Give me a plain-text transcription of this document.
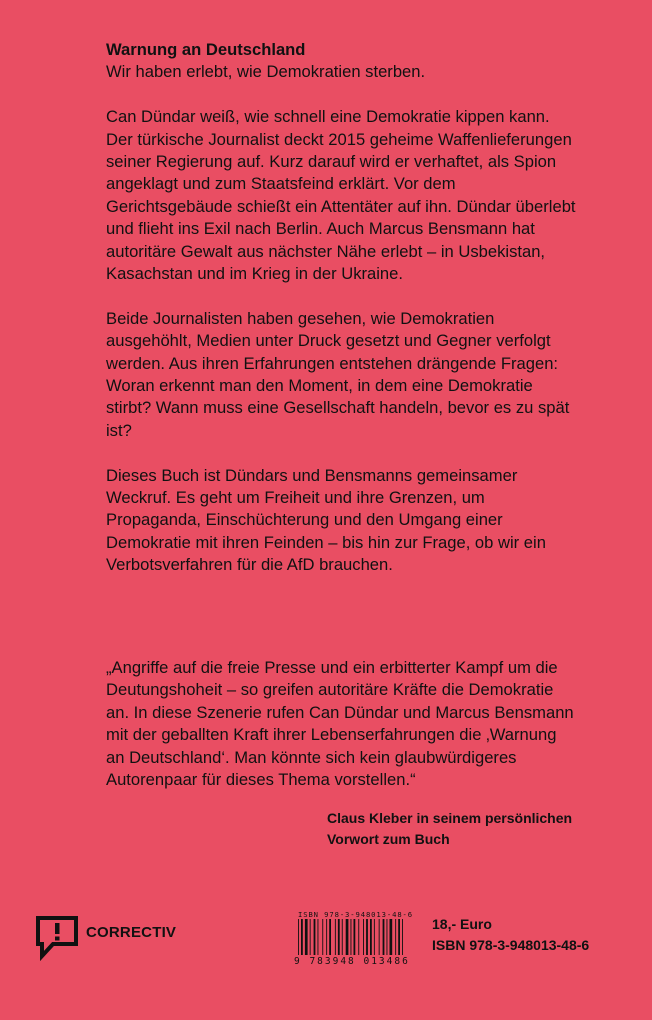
Warnung an Deutschland
Wir haben erlebt, wie Demokratien sterben.

Can Dündar weiß, wie schnell eine Demokratie kippen kann. Der türkische Journalist deckt 2015 geheime Waffenlieferungen seiner Regierung auf. Kurz darauf wird er verhaftet, als Spion angeklagt und zum Staatsfeind erklärt. Vor dem Gerichtsgebäude schießt ein Attentäter auf ihn. Dündar überlebt und flieht ins Exil nach Berlin. Auch Marcus Bensmann hat autoritäre Gewalt aus nächster Nähe erlebt – in Usbekistan, Kasachstan und im Krieg in der Ukraine.

Beide Journalisten haben gesehen, wie Demokratien ausgehöhlt, Medien unter Druck gesetzt und Gegner verfolgt werden. Aus ihren Erfahrungen entstehen drängende Fragen: Woran erkennt man den Moment, in dem eine Demokratie stirbt? Wann muss eine Gesellschaft handeln, bevor es zu spät ist?

Dieses Buch ist Dündars und Bensmanns gemeinsamer Weckruf. Es geht um Freiheit und ihre Grenzen, um Propaganda, Einschüchterung und den Umgang einer Demokratie mit ihren Feinden – bis hin zur Frage, ob wir ein Verbotsverfahren für die AfD brauchen.

„Angriffe auf die freie Presse und ein erbitterter Kampf um die Deutungshoheit – so greifen autoritäre Kräfte die Demokratie an. In diese Szenerie rufen Can Dündar und Marcus Bensmann mit der geballten Kraft ihrer Lebenserfahrungen die ‚Warnung an Deutschland‘. Man könnte sich kein glaubwürdigeres Autorenpaar für dieses Thema vorstellen.“
Claus Kleber in seinem persönlichen Vorwort zum Buch
CORRECTIV
ISBN 978-3-948013-48-6
9 783948 013486
18,- Euro
ISBN 978-3-948013-48-6
